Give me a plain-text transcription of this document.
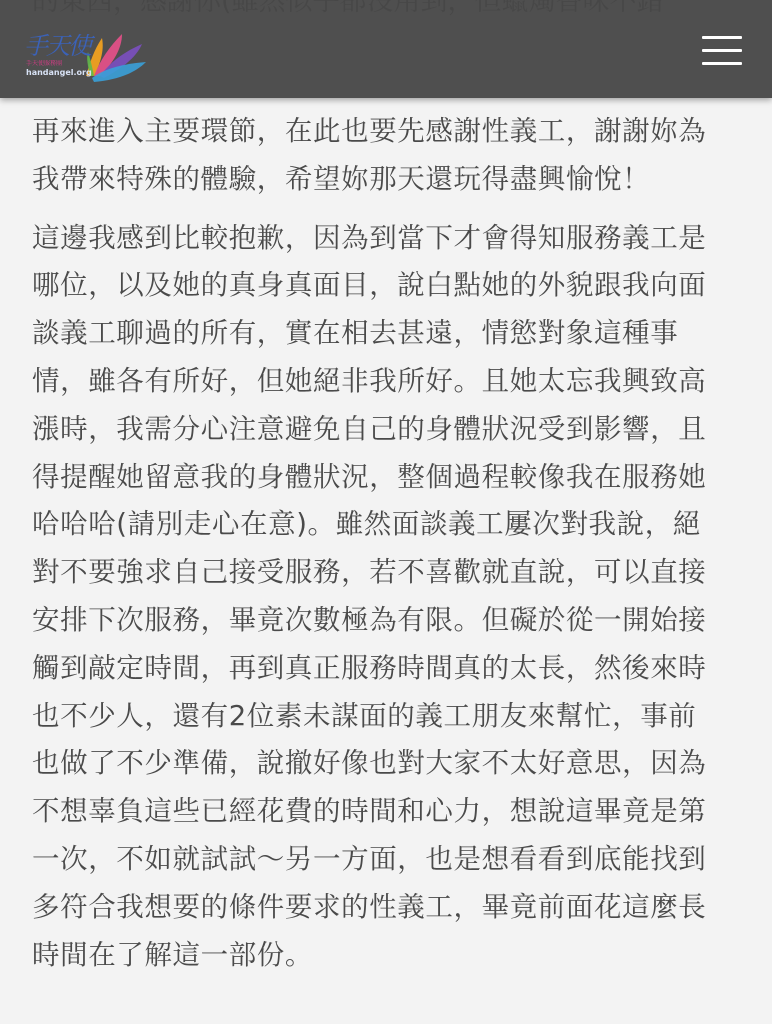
手天使
手天使服務團
handangel.org

再來進入主要環節，在此也要先感謝性義工，謝謝妳為
我帶來特殊的體驗，希望妳那天還玩得盡興愉悅！

這邊我感到比較抱歉，因為到當下才會得知服務義工是
哪位，以及她的真身真面目，說白點她的外貌跟我向面
談義工聊過的所有，實在相去甚遠，情慾對象這種事
情，雖各有所好，但她絕非我所好。且她太忘我興致高
漲時，我需分心注意避免自己的身體狀況受到影響，且
得提醒她留意我的身體狀況，整個過程較像我在服務她
哈哈哈(請別走心在意)。雖然面談義工屢次對我說，絕
對不要強求自己接受服務，若不喜歡就直說，可以直接
安排下次服務，畢竟次數極為有限。但礙於從一開始接
觸到敲定時間，再到真正服務時間真的太長，然後來時
也不少人，還有2位素未謀面的義工朋友來幫忙，事前
也做了不少準備，說撤好像也對大家不太好意思，因為
不想辜負這些已經花費的時間和心力，想說這畢竟是第
一次，不如就試試～另一方面，也是想看看到底能找到
多符合我想要的條件要求的性義工，畢竟前面花這麼長
時間在了解這一部份。
